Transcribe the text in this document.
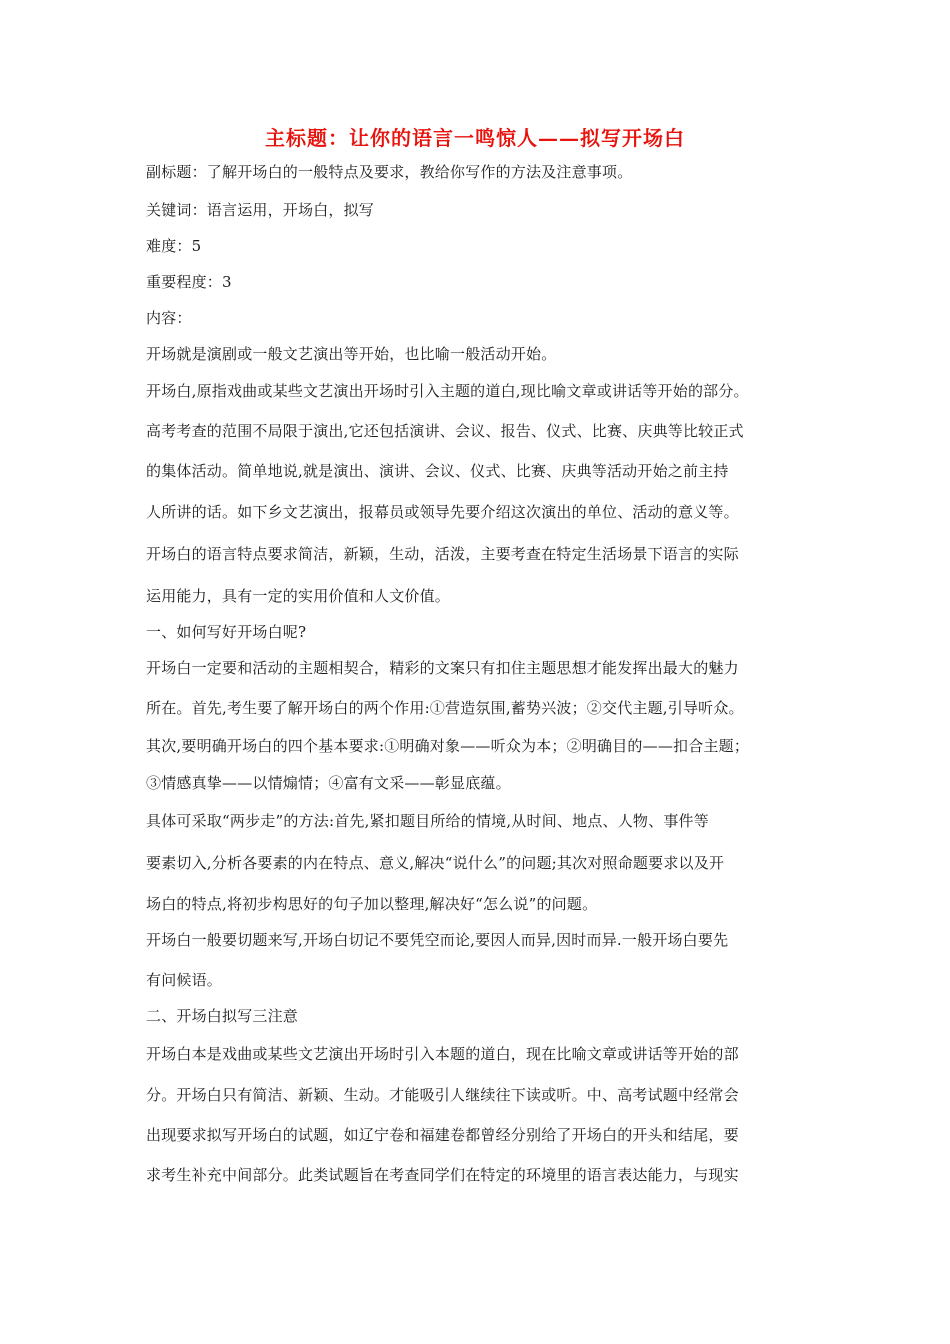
主标题：让你的语言一鸣惊人——拟写开场白
副标题：了解开场白的一般特点及要求，教给你写作的方法及注意事项。
关键词：语言运用，开场白，拟写
难度：5
重要程度：3
内容：
开场就是演剧或一般文艺演出等开始，也比喻一般活动开始。
开场白,原指戏曲或某些文艺演出开场时引入主题的道白,现比喻文章或讲话等开始的部分。
高考考查的范围不局限于演出,它还包括演讲、会议、报告、仪式、比赛、庆典等比较正式
的集体活动。简单地说,就是演出、演讲、会议、仪式、比赛、庆典等活动开始之前主持
人所讲的话。如下乡文艺演出，报幕员或领导先要介绍这次演出的单位、活动的意义等。
开场白的语言特点要求简洁，新颖，生动，活泼，主要考查在特定生活场景下语言的实际
运用能力，具有一定的实用价值和人文价值。
一、如何写好开场白呢?
开场白一定要和活动的主题相契合，精彩的文案只有扣住主题思想才能发挥出最大的魅力
所在。首先,考生要了解开场白的两个作用:①营造氛围,蓄势兴波；②交代主题,引导听众。
其次,要明确开场白的四个基本要求:①明确对象——听众为本；②明确目的——扣合主题；
③情感真挚——以情煽情；④富有文采——彰显底蕴。
具体可采取“两步走”的方法:首先,紧扣题目所给的情境,从时间、地点、人物、事件等
要素切入,分析各要素的内在特点、意义,解决“说什么”的问题;其次对照命题要求以及开
场白的特点,将初步构思好的句子加以整理,解决好“怎么说”的问题。
开场白一般要切题来写,开场白切记不要凭空而论,要因人而异,因时而异.一般开场白要先
有问候语。
二、开场白拟写三注意
开场白本是戏曲或某些文艺演出开场时引入本题的道白，现在比喻文章或讲话等开始的部
分。开场白只有简洁、新颖、生动。才能吸引人继续往下读或听。中、高考试题中经常会
出现要求拟写开场白的试题，如辽宁卷和福建卷都曾经分别给了开场白的开头和结尾，要
求考生补充中间部分。此类试题旨在考查同学们在特定的环境里的语言表达能力，与现实
